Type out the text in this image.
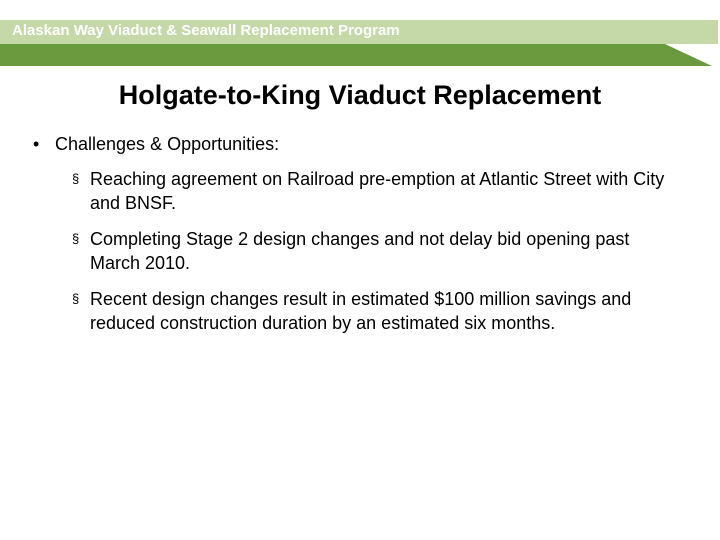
Alaskan Way Viaduct & Seawall Replacement Program
Holgate-to-King Viaduct Replacement
• Challenges & Opportunities:
§ Reaching agreement on Railroad pre-emption at Atlantic Street with City and BNSF.
§ Completing Stage 2 design changes and not delay bid opening past March 2010.
§ Recent design changes result in estimated $100 million savings and reduced construction duration by an estimated six months.
